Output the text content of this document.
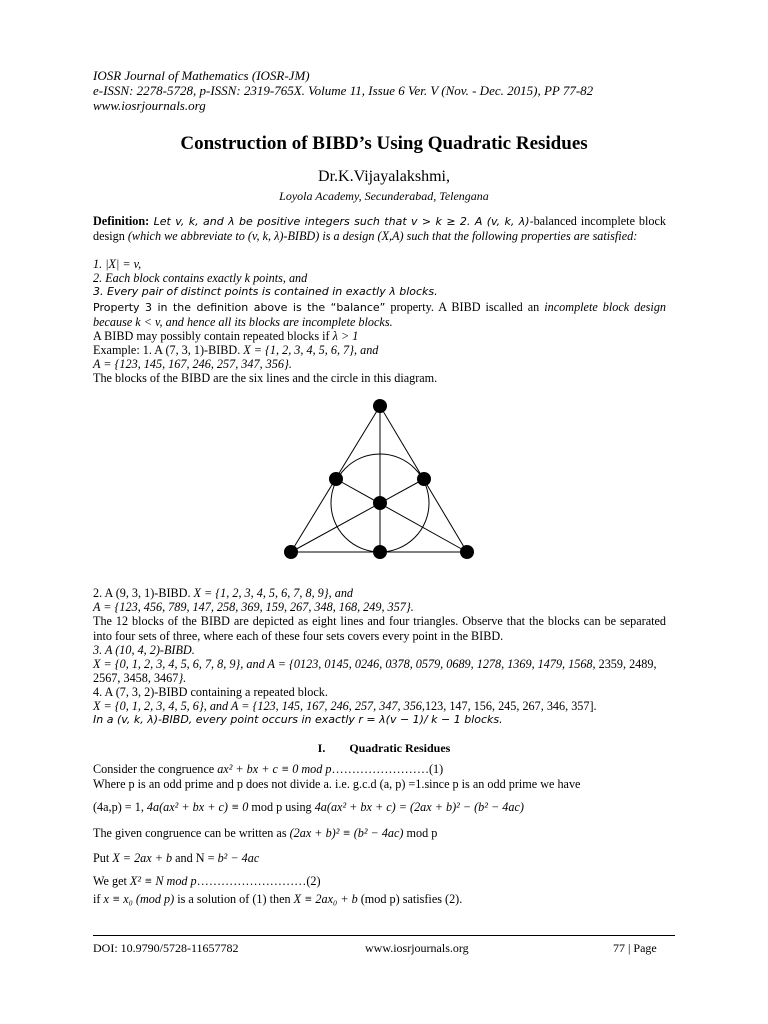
IOSR Journal of Mathematics (IOSR-JM)
e-ISSN: 2278-5728, p-ISSN: 2319-765X. Volume 11, Issue 6 Ver. V (Nov. - Dec. 2015), PP 77-82
www.iosrjournals.org
Construction of BIBD’s Using Quadratic Residues
Dr.K.Vijayalakshmi,
Loyola Academy, Secunderabad, Telengana
Definition: Let v, k, and λ be positive integers such that v > k ≥ 2. A (v, k, λ)-balanced incomplete block design (which we abbreviate to (v, k, λ)-BIBD) is a design (X,A) such that the following properties are satisfied:
1. |X| = v,
2. Each block contains exactly k points, and
3. Every pair of distinct points is contained in exactly λ blocks.
Property 3 in the definition above is the “balance” property. A BIBD iscalled an incomplete block design because k < v, and hence all its blocks are incomplete blocks.
A BIBD may possibly contain repeated blocks if λ > 1
Example: 1. A (7, 3, 1)-BIBD. X = {1, 2, 3, 4, 5, 6, 7}, and
A = {123, 145, 167, 246, 257, 347, 356}.
The blocks of the BIBD are the six lines and the circle in this diagram.
2. A (9, 3, 1)-BIBD. X = {1, 2, 3, 4, 5, 6, 7, 8, 9}, and
A = {123, 456, 789, 147, 258, 369, 159, 267, 348, 168, 249, 357}.
The 12 blocks of the BIBD are depicted as eight lines and four triangles. Observe that the blocks can be separated into four sets of three, where each of these four sets covers every point in the BIBD.
3. A (10, 4, 2)-BIBD.
X = {0, 1, 2, 3, 4, 5, 6, 7, 8, 9}, and A = {0123, 0145, 0246, 0378, 0579, 0689, 1278, 1369, 1479, 1568, 2359, 2489, 2567, 3458, 3467}.
4. A (7, 3, 2)-BIBD containing a repeated block.
X = {0, 1, 2, 3, 4, 5, 6}, and A = {123, 145, 167, 246, 257, 347, 356,123, 147, 156, 245, 267, 346, 357].
In a (v, k, λ)-BIBD, every point occurs in exactly r = λ(v − 1)/ k − 1 blocks.
I. Quadratic Residues
Consider the congruence ax² + bx + c ≡ 0 mod p……………………(1)
Where p is an odd prime and p does not divide a. i.e. g.c.d (a, p) =1.since p is an odd prime we have
(4a,p) = 1, 4a(ax² + bx + c) ≡ 0 mod p using 4a(ax² + bx + c) = (2ax + b)² − (b² − 4ac)
The given congruence can be written as (2ax + b)² ≡ (b² − 4ac) mod p
Put X = 2ax + b and N = b² − 4ac
We get X² ≡ N mod p………………………(2)
if x ≡ x₀ (mod p) is a solution of (1) then X ≡ 2ax₀ + b (mod p) satisfies (2).
DOI: 10.9790/5728-11657782	www.iosrjournals.org	77 | Page
